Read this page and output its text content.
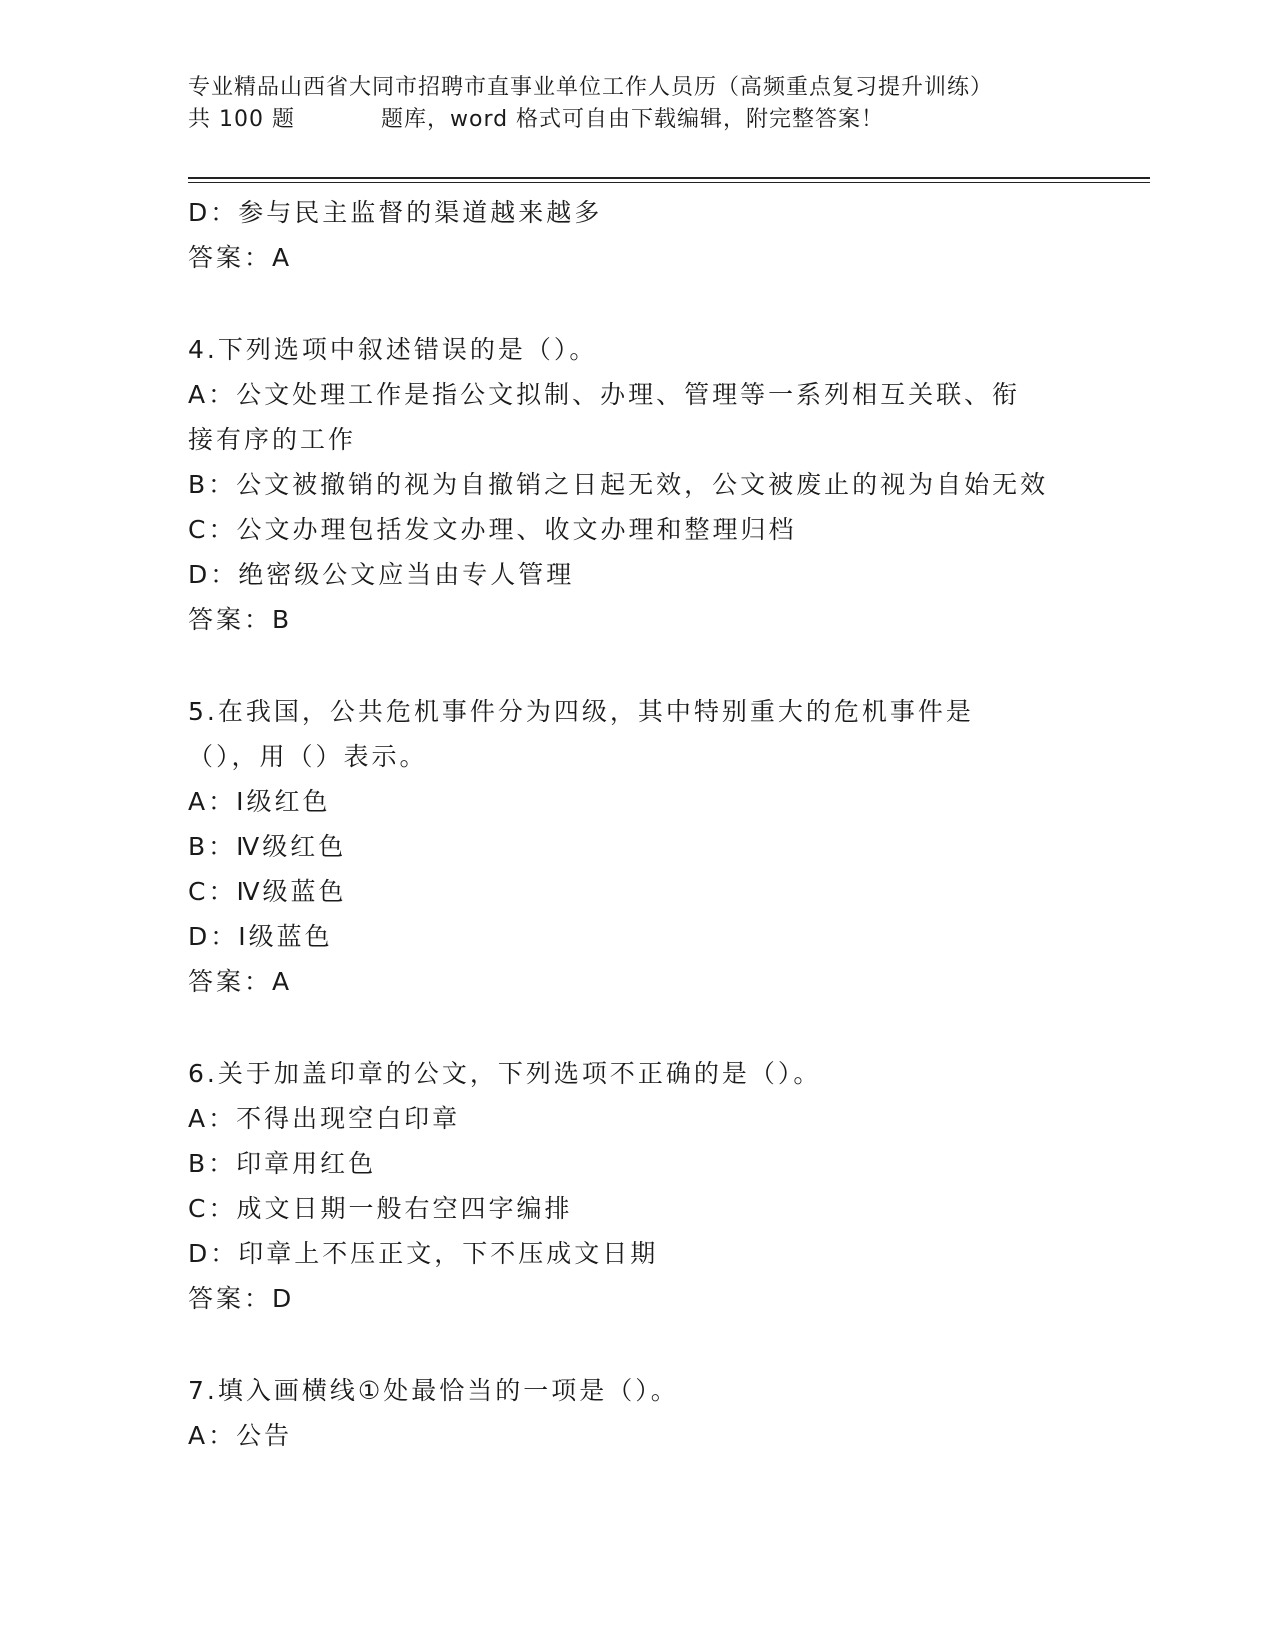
专业精品山西省大同市招聘市直事业单位工作人员历（高频重点复习提升训练）
共 100 题	题库，word 格式可自由下载编辑，附完整答案！
D：参与民主监督的渠道越来越多
答案：A
4.下列选项中叙述错误的是（）。
A：公文处理工作是指公文拟制、办理、管理等一系列相互关联、衔接有序的工作
B：公文被撤销的视为自撤销之日起无效，公文被废止的视为自始无效
C：公文办理包括发文办理、收文办理和整理归档
D：绝密级公文应当由专人管理
答案：B
5.在我国，公共危机事件分为四级，其中特别重大的危机事件是（），用（）表示。
A：Ⅰ级红色
B：Ⅳ级红色
C：Ⅳ级蓝色
D：Ⅰ级蓝色
答案：A
6.关于加盖印章的公文，下列选项不正确的是（）。
A：不得出现空白印章
B：印章用红色
C：成文日期一般右空四字编排
D：印章上不压正文，下不压成文日期
答案：D
7.填入画横线①处最恰当的一项是（）。
A：公告
